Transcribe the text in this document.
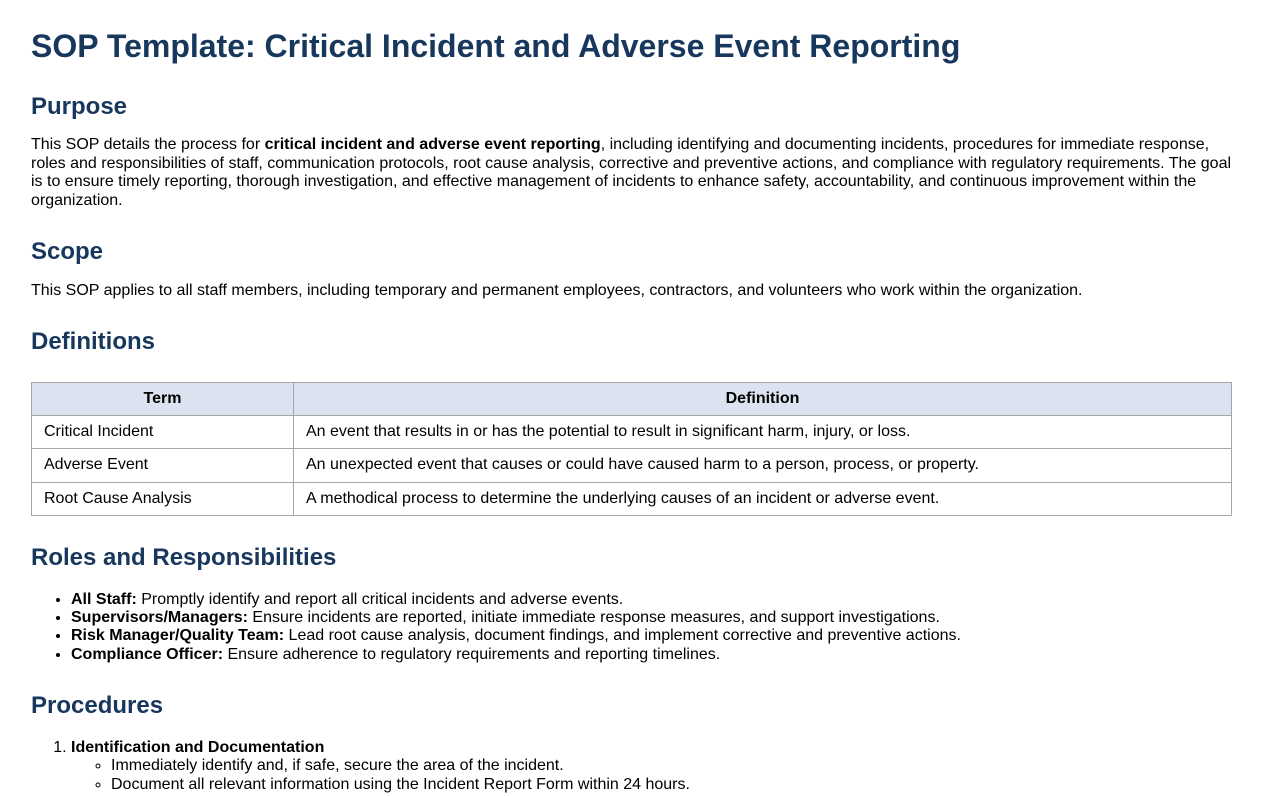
SOP Template: Critical Incident and Adverse Event Reporting
Purpose

This SOP details the process for critical incident and adverse event reporting, including identifying and documenting incidents, procedures for immediate response, roles and responsibilities of staff, communication protocols, root cause analysis, corrective and preventive actions, and compliance with regulatory requirements. The goal is to ensure timely reporting, thorough investigation, and effective management of incidents to enhance safety, accountability, and continuous improvement within the organization.

Scope

This SOP applies to all staff members, including temporary and permanent employees, contractors, and volunteers who work within the organization.

Definitions
Term	Definition
Critical Incident	An event that results in or has the potential to result in significant harm, injury, or loss.
Adverse Event	An unexpected event that causes or could have caused harm to a person, process, or property.
Root Cause Analysis	A methodical process to determine the underlying causes of an incident or adverse event.
Roles and Responsibilities
• All Staff: Promptly identify and report all critical incidents and adverse events.
• Supervisors/Managers: Ensure incidents are reported, initiate immediate response measures, and support investigations.
• Risk Manager/Quality Team: Lead root cause analysis, document findings, and implement corrective and preventive actions.
• Compliance Officer: Ensure adherence to regulatory requirements and reporting timelines.
Procedures
1. Identification and Documentation
◦ Immediately identify and, if safe, secure the area of the incident.
◦ Document all relevant information using the Incident Report Form within 24 hours.
